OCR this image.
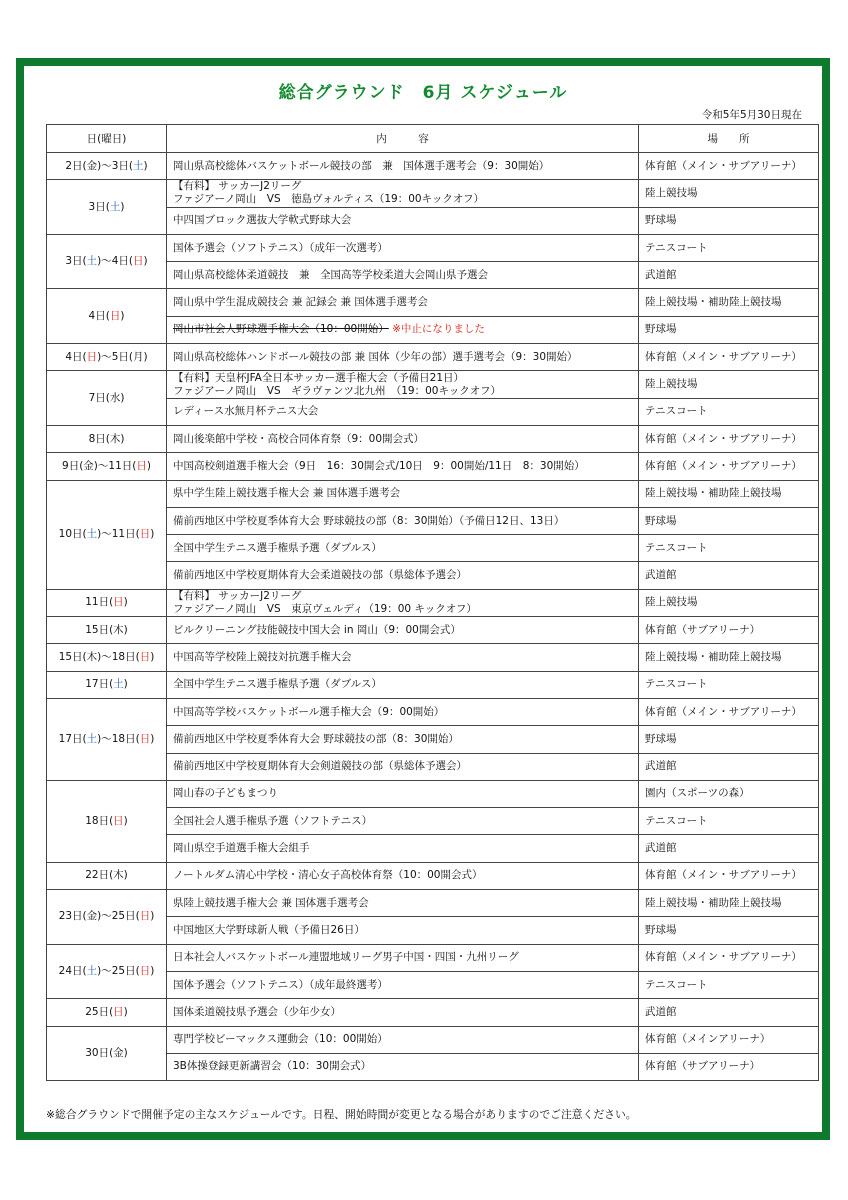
総合グラウンド　6月 スケジュール
令和5年5月30日現在
日(曜日)	内　　　容	場　　所
2日(金)～3日(土)	岡山県高校総体バスケットボール競技の部　兼　国体選手選考会（9：30開始）	体育館（メイン・サブアリーナ）
3日(土)	【有料】 サッカーJ2リーグ
ファジアーノ岡山　VS　徳島ヴォルティス（19：00キックオフ）	陸上競技場
	中四国ブロック選抜大学軟式野球大会	野球場
3日(土)～4日(日)	国体予選会（ソフトテニス）（成年一次選考）	テニスコート
	岡山県高校総体柔道競技　兼　全国高等学校柔道大会岡山県予選会	武道館
4日(日)	岡山県中学生混成競技会 兼 記録会 兼 国体選手選考会	陸上競技場・補助陸上競技場
	岡山市社会人野球選手権大会（10：00開始） ※中止になりました	野球場
4日(日)～5日(月)	岡山県高校総体ハンドボール競技の部 兼 国体（少年の部）選手選考会（9：30開始）	体育館（メイン・サブアリーナ）
7日(水)	【有料】天皇杯JFA全日本サッカー選手権大会（予備日21日）
ファジアーノ岡山　VS　ギラヴァンツ北九州　（19：00キックオフ）	陸上競技場
	レディース水無月杯テニス大会	テニスコート
8日(木)	岡山後楽館中学校・高校合同体育祭（9：00開会式）	体育館（メイン・サブアリーナ）
9日(金)～11日(日)	中国高校剣道選手権大会（9日　16：30開会式/10日　9：00開始/11日　8：30開始）	体育館（メイン・サブアリーナ）
10日(土)～11日(日)	県中学生陸上競技選手権大会 兼 国体選手選考会	陸上競技場・補助陸上競技場
	備前西地区中学校夏季体育大会 野球競技の部（8：30開始）（予備日12日、13日）	野球場
	全国中学生テニス選手権県予選（ダブルス）	テニスコート
	備前西地区中学校夏期体育大会柔道競技の部（県総体予選会）	武道館
11日(日)	【有料】 サッカーJ2リーグ
ファジアーノ岡山　VS　東京ヴェルディ（19：00 キックオフ）	陸上競技場
15日(木)	ビルクリーニング技能競技中国大会 in 岡山（9：00開会式）	体育館（サブアリーナ）
15日(木)～18日(日)	中国高等学校陸上競技対抗選手権大会	陸上競技場・補助陸上競技場
17日(土)	全国中学生テニス選手権県予選（ダブルス）	テニスコート
17日(土)～18日(日)	中国高等学校バスケットボール選手権大会（9：00開始）	体育館（メイン・サブアリーナ）
	備前西地区中学校夏季体育大会 野球競技の部（8：30開始）	野球場
	備前西地区中学校夏期体育大会剣道競技の部（県総体予選会）	武道館
18日(日)	岡山春の子どもまつり	園内（スポーツの森）
	全国社会人選手権県予選（ソフトテニス）	テニスコート
	岡山県空手道選手権大会組手	武道館
22日(木)	ノートルダム清心中学校・清心女子高校体育祭（10：00開会式）	体育館（メイン・サブアリーナ）
23日(金)～25日(日)	県陸上競技選手権大会 兼 国体選手選考会	陸上競技場・補助陸上競技場
	中国地区大学野球新人戦（予備日26日）	野球場
24日(土)～25日(日)	日本社会人バスケットボール連盟地域リーグ男子中国・四国・九州リーグ	体育館（メイン・サブアリーナ）
	国体予選会（ソフトテニス）（成年最終選考）	テニスコート
25日(日)	国体柔道競技県予選会（少年少女）	武道館
30日(金)	専門学校ビーマックス運動会（10：00開始）	体育館（メインアリーナ）
	3B体操登録更新講習会（10：30開会式）	体育館（サブアリーナ）
※総合グラウンドで開催予定の主なスケジュールです。日程、開始時間が変更となる場合がありますのでご注意ください。
